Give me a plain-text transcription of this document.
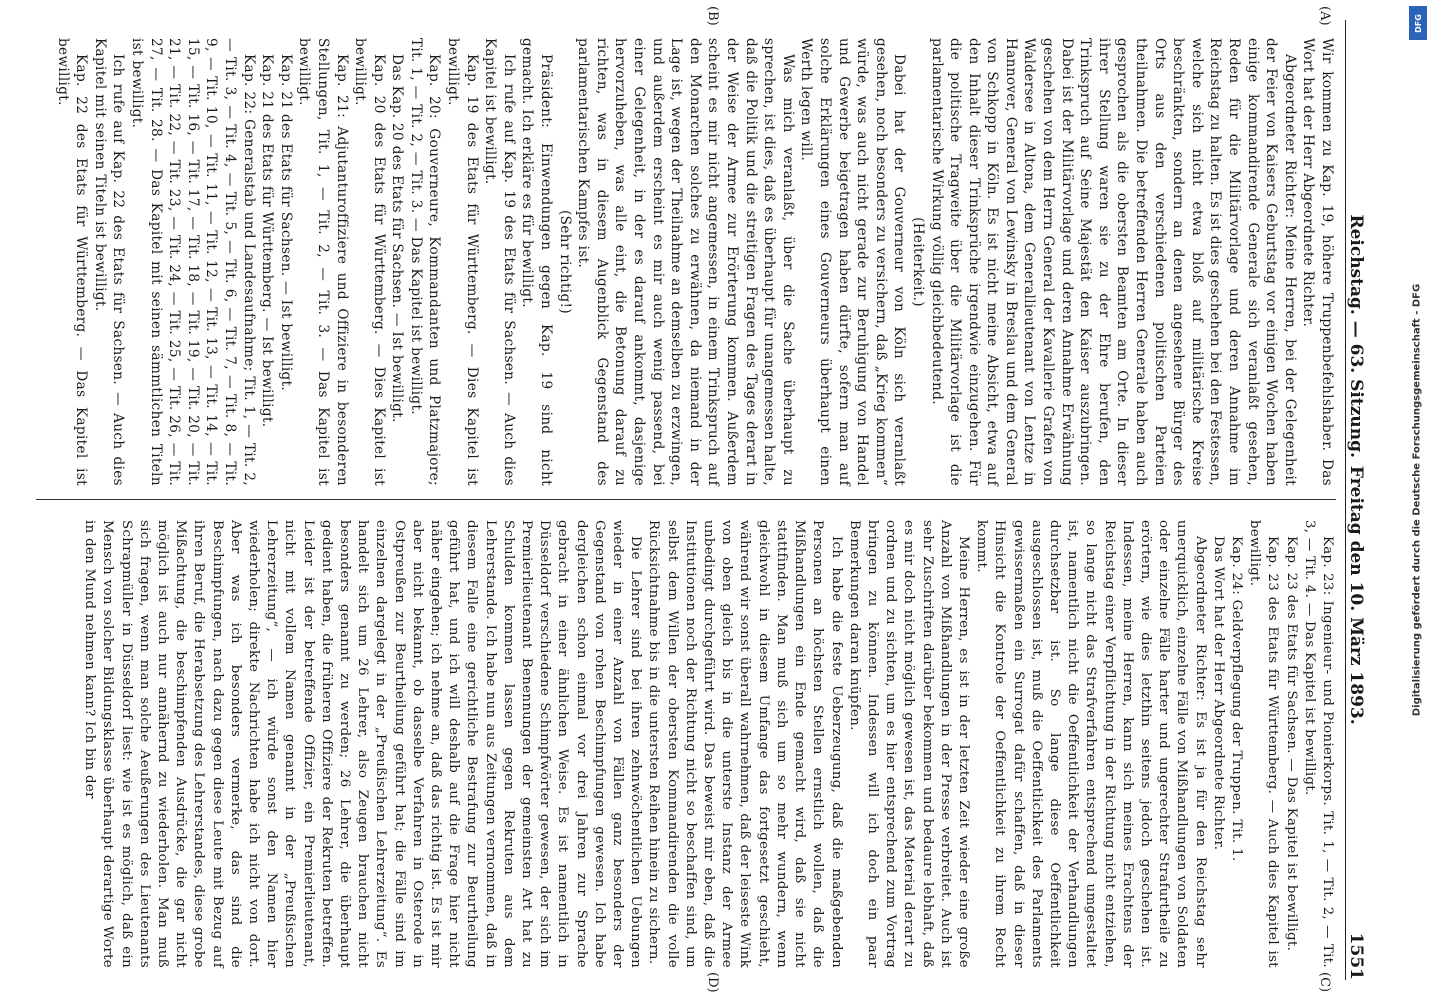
Reichstag. — 63. Sitzung.
Freitag den 10. März 1893.
1551
(A)
(B)
(C)
(D)

Wir kommen zu Kap. 19, höhere Truppenbefehlshaber. Das Wort hat der Herr Abgeordnete Richter.

Abgeordneter Richter: Meine Herren, bei der Gelegenheit der Feier von Kaisers Geburtstag vor einigen Wochen haben einige kommandirende Generale sich veranlaßt gesehen, Reden für die Militärvorlage und deren Annahme im Reichstag zu halten. Es ist dies geschehen bei den Festessen, welche sich nicht etwa bloß auf militärische Kreise beschränkten, sondern an denen angesehene Bürger des Orts aus den verschiedenen politischen Parteien theilnahmen. Die betreffenden Herren Generale haben auch gesprochen als die obersten Beamten am Orte. In dieser ihrer Stellung waren sie zu der Ehre berufen, den Trinkspruch auf Seine Majestät den Kaiser auszubringen. Dabei ist der Militärvorlage und deren Annahme Erwähnung geschehen von dem Herrn General der Kavallerie Grafen von Waldersee in Altona, dem Generallieutenant von Lentze in Hannover, General von Lewinsky in Breslau und dem General von Schkopp in Köln. Es ist nicht meine Absicht, etwa auf den Inhalt dieser Trinksprüche irgendwie einzugehen. Für die politische Tragweite über die Militärvorlage ist die parlamentarische Wirkung völlig gleichbedeutend.

(Heiterkeit.)

Dabei hat der Gouverneur von Köln sich veranlaßt gesehen, noch besonders zu versichern, daß „Krieg kommen“ würde, was auch nicht gerade zur Beruhigung von Handel und Gewerbe beigetragen haben dürfte, sofern man auf solche Erklärungen eines Gouverneurs überhaupt einen Werth legen will.

Was mich veranlaßt, über die Sache überhaupt zu sprechen, ist dies, daß es überhaupt für unangemessen halte, daß die Politik und die streitigen Fragen des Tages derart in der Weise der Armee zur Erörterung kommen. Außerdem scheint es mir nicht angemessen, in einem Trinkspruch auf den Monarchen solches zu erwähnen, da niemand in der Lage ist, wegen der Theilnahme an demselben zu erzwingen, und außerdem erscheint es mir auch wenig passend, bei einer Gelegenheit, in der es darauf ankommt, dasjenige hervorzuheben, was alle eint, die Betonung darauf zu richten, was in diesem Augenblick Gegenstand des parlamentarischen Kampfes ist.

(Sehr richtig!)

Präsident: Einwendungen gegen Kap. 19 sind nicht gemacht. Ich erkläre es für bewilligt.

Ich rufe auf Kap. 19 des Etats für Sachsen. — Auch dies Kapitel ist bewilligt.

Kap. 19 des Etats für Württemberg. — Dies Kapitel ist bewilligt.

Kap. 20: Gouverneure, Kommandanten und Platzmajore; Tit. 1, — Tit. 2, — Tit. 3. — Das Kapitel ist bewilligt.

Das Kap. 20 des Etats für Sachsen. — Ist bewilligt.

Kap. 20 des Etats für Württemberg. — Dies Kapitel ist bewilligt.

Kap. 21: Adjutanturoffiziere und Offiziere in besonderen Stellungen, Tit. 1, — Tit. 2, — Tit. 3. — Das Kapitel ist bewilligt.

Kap. 21 des Etats für Sachsen. — Ist bewilligt.

Kap. 21 des Etats für Württemberg. — Ist bewilligt.

Kap. 22: Generalstab und Landesaufnahme; Tit. 1, — Tit. 2, — Tit. 3, — Tit. 4, — Tit. 5, — Tit. 6, — Tit. 7, — Tit. 8, — Tit. 9, — Tit. 10, — Tit. 11, — Tit. 12, — Tit. 13, — Tit. 14, — Tit. 15, — Tit. 16, — Tit. 17, — Tit. 18, — Tit. 19, — Tit. 20, — Tit. 21, — Tit. 22, — Tit. 23, — Tit. 24, — Tit. 25, — Tit. 26, — Tit. 27, — Tit. 28. — Das Kapitel mit seinen sämmtlichen Titeln ist bewilligt.

Ich rufe auf Kap. 22 des Etats für Sachsen. — Auch dies Kapitel mit seinen Titeln ist bewilligt.

Kap. 22 des Etats für Württemberg. — Das Kapitel ist bewilligt.

Kap. 23: Ingenieur- und Pionierkorps. Tit. 1, — Tit. 2, — Tit. 3, — Tit. 4. — Das Kapitel ist bewilligt.

Kap. 23 des Etats für Sachsen. — Das Kapitel ist bewilligt.

Kap. 23 des Etats für Württemberg. — Auch dies Kapitel ist bewilligt.

Kap. 24: Geldverpflegung der Truppen. Tit. 1.

Das Wort hat der Herr Abgeordnete Richter.

Abgeordneter Richter: Es ist ja für den Reichstag sehr unerquicklich, einzelne Fälle von Mißhandlungen von Soldaten oder einzelne Fälle harter und ungerechter Strafurtheile zu erörtern, wie dies letzthin seitens jedoch geschehen ist. Indessen, meine Herren, kann sich meines Erachtens der Reichstag einer Verpflichtung in der Richtung nicht entziehen, so lange nicht das Strafverfahren entsprechend umgestaltet ist, namentlich nicht die Oeffentlichkeit der Verhandlungen durchsetzbar ist. So lange diese Oeffentlichkeit ausgeschlossen ist, muß die Oeffentlichkeit des Parlaments gewissermaßen ein Surrogat dafür schaffen, daß in dieser Hinsicht die Kontrole der Oeffentlichkeit zu ihrem Recht kommt.

Meine Herren, es ist in der letzten Zeit wieder eine große Anzahl von Mißhandlungen in der Presse verbreitet. Auch ist sehr Zuschriften darüber bekommen und bedaure lebhaft, daß es mir doch nicht möglich gewesen ist, das Material derart zu ordnen und zu sichten, um es hier entsprechend zum Vortrag bringen zu können. Indessen will ich doch ein paar Bemerkungen daran knüpfen.

Ich habe die feste Ueberzeugung, daß die maßgebenden Personen an höchsten Stellen ernstlich wollen, daß die Mißhandlungen ein Ende gemacht wird, daß sie nicht stattfinden. Man muß sich um so mehr wundern, wenn gleichwohl in diesem Umfange das fortgesetzt geschieht, während wir sonst überall wahrnehmen, daß der leiseste Wink von oben gleich bis in die unterste Instanz der Armee unbedingt durchgeführt wird. Das beweist mir eben, daß die Institutionen noch der Richtung nicht so beschaffen sind, um selbst dem Willen der obersten Kommandirenden die volle Rücksichtnahme bis in die untersten Reihen hinein zu sichern.

Die Lehrer sind bei ihren zehnwöchentlichen Uebungen wieder in einer Anzahl von Fällen ganz besonders der Gegenstand von rohen Beschimpfungen gewesen. Ich habe dergleichen schon einmal vor drei Jahren zur Sprache gebracht in einer ähnlichen Weise. Es ist namentlich in Düsseldorf verschiedene Schimpfwörter gewesen, der sich im Premierlieutenant Benennungen der gemeinsten Art hat zu Schulden kommen lassen gegen Rekruten aus dem Lehrerstande. Ich habe nun aus Zeitungen vernommen, daß in diesem Falle eine gerichtliche Bestrafung zur Beurtheilung geführt hat, und ich will deshalb auf die Frage hier nicht näher eingehen; ich nehme an, daß das richtig ist. Es ist mir aber nicht bekannt, ob dasselbe Verfahren in Osterode in Ostpreußen zur Beurtheilung geführt hat; die Fälle sind im einzelnen dargelegt in der „Preußischen Lehrerzeitung“. Es handelt sich um 26 Lehrer, also Zeugen brauchen nicht besonders genannt zu werden; 26 Lehrer, die überhaupt gedient haben, die früheren Offiziere der Rekruten betreffen. Leider ist der betreffende Offizier, ein Premierlieutenant, nicht mit vollem Namen genannt in der „Preußischen Lehrerzeitung“, — ich würde sonst den Namen hier wiederholen; direkte Nachrichten habe ich nicht von dort. Aber was ich besonders vermerke, das sind die Beschimpfungen, nach dazu gegen diese Leute mit Bezug auf ihren Beruf, die Herabsetzung des Lehrerstandes, diese grobe Mißachtung, die beschimpfenden Ausdrücke, die gar nicht möglich ist auch nur annähernd zu wiederholen. Man muß sich fragen, wenn man solche Aeußerungen des Lieutenants Schrapmüller in Düsseldorf liest: wie ist es möglich, daß ein Mensch von solcher Bildungsklasse überhaupt derartige Worte in den Mund nehmen kann? Ich bin der	Digitalisierung gefördert durch die Deutsche Forschungsgemeinschaft - DFG
DFG
